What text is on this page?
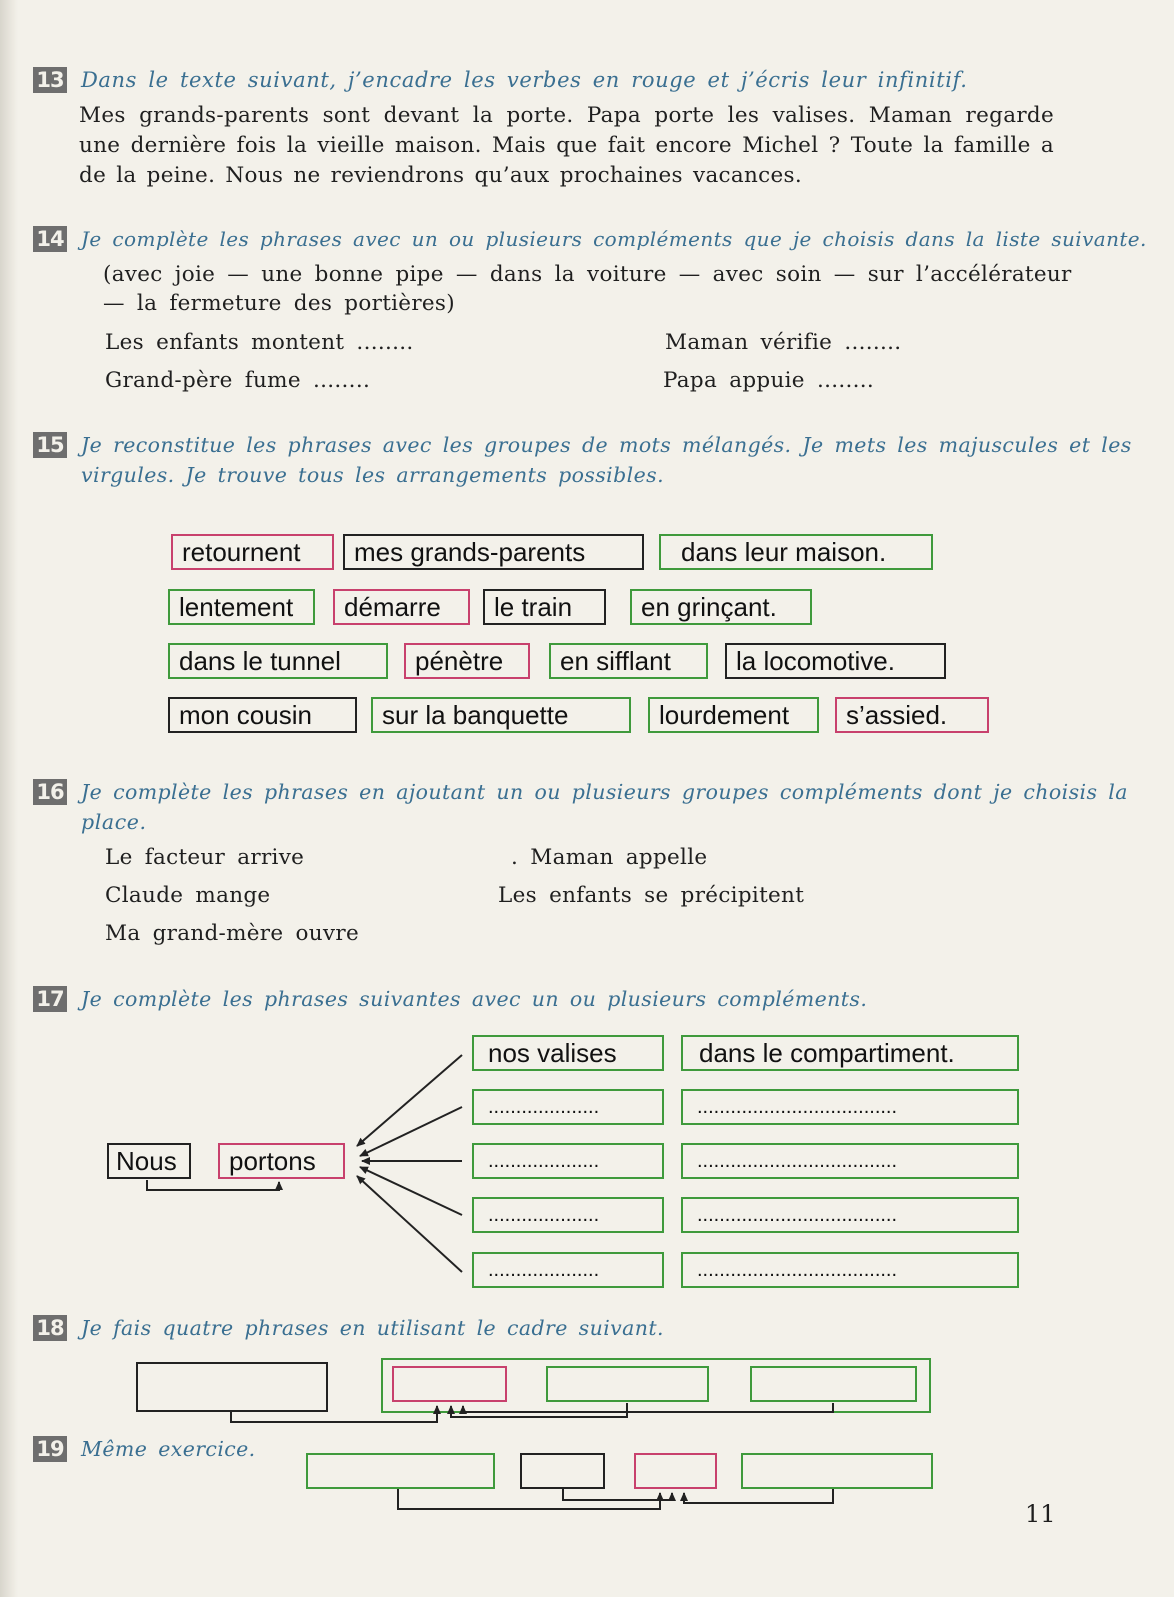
13 Dans le texte suivant, j’encadre les verbes en rouge et j’écris leur infinitif.
Mes grands-parents sont devant la porte. Papa porte les valises. Maman regarde une dernière fois la vieille maison. Mais que fait encore Michel ? Toute la famille a de la peine. Nous ne reviendrons qu’aux prochaines vacances.
14 Je complète les phrases avec un ou plusieurs compléments que je choisis dans la liste suivante.
(avec joie — une bonne pipe — dans la voiture — avec soin — sur l’accélérateur
— la fermeture des portières)
Les enfants montent ........	Maman vérifie ........
Grand-père fume ........	Papa appuie ........
15 Je reconstitue les phrases avec les groupes de mots mélangés. Je mets les majuscules et les
virgules. Je trouve tous les arrangements possibles.
retournent	mes grands-parents	dans leur maison.
lentement	démarre	le train	en grinçant.
dans le tunnel	pénètre	en sifflant	la locomotive.
mon cousin	sur la banquette	lourdement	s’assied.
16 Je complète les phrases en ajoutant un ou plusieurs groupes compléments dont je choisis la
place.
Le facteur arrive	. Maman appelle
Claude mange	Les enfants se précipitent
Ma grand-mère ouvre
17 Je complète les phrases suivantes avec un ou plusieurs compléments.
Nous	portons
nos valises	dans le compartiment.
....................	....................................
....................	....................................
....................	....................................
....................	....................................
18 Je fais quatre phrases en utilisant le cadre suivant.
19 Même exercice.
11
